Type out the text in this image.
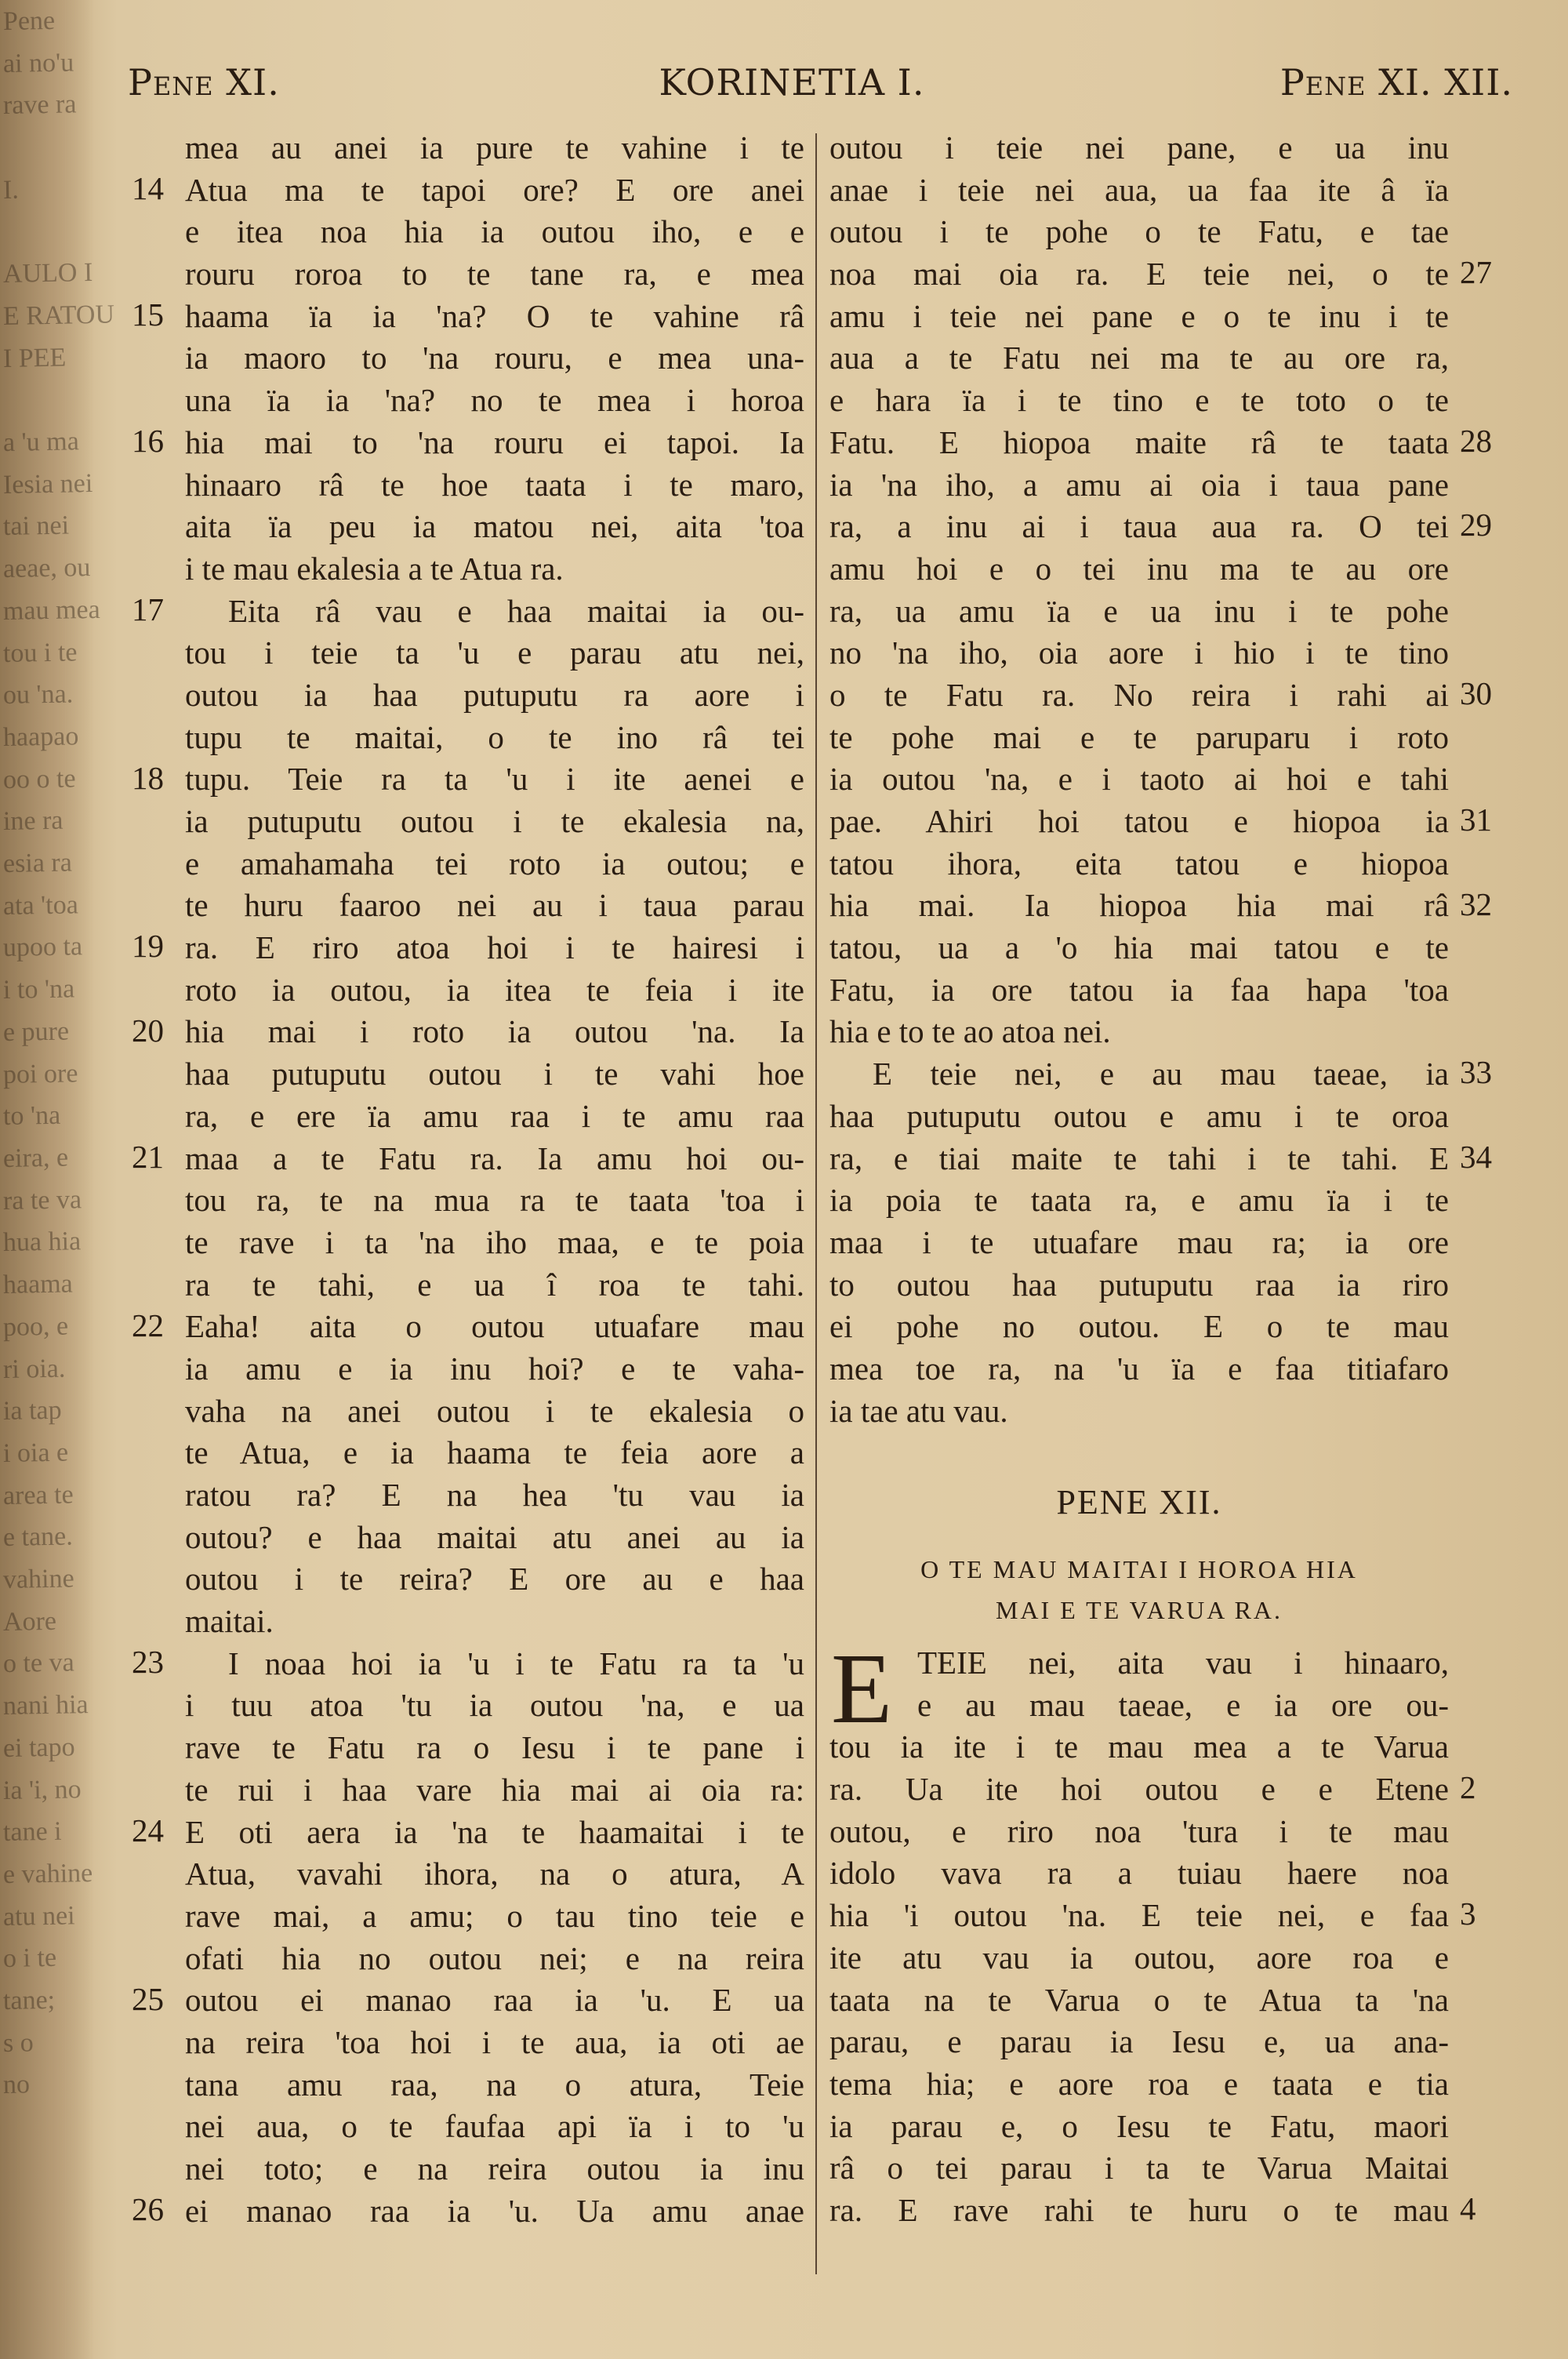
Pene
ai no'u
rave ra

I.

AULO I
E RATOU
I PEE

a 'u ma
Iesia nei
tai nei
aeae, ou
mau mea
tou i te
ou 'na.
haapao
oo o te
ine ra
esia ra
ata 'toa
upoo ta
i to 'na
e pure
poi ore
to 'na
eira, e
ra te va
hua hia
haama
poo, e
ri oia.
ia tap
i oia e
area te
e tane.
vahine
Aore
o te va
nani hia
ei tapo
ia 'i, no
tane i
e vahine
atu nei
o i te
tane;
s o
no
Pene XI.	KORINETIA I.	Pene XI. XII.
mea au anei ia pure te vahine i te
Atua ma te tapoi ore? E ore anei
e itea noa hia ia outou iho, e e
rouru roroa to te tane ra, e mea
haama ïa ia 'na? O te vahine râ
ia maoro to 'na rouru, e mea una-
una ïa ia 'na? no te mea i horoa
hia mai to 'na rouru ei tapoi. Ia
hinaaro râ te hoe taata i te maro,
aita ïa peu ia matou nei, aita 'toa
i te mau ekalesia a te Atua ra.
Eita râ vau e haa maitai ia ou-
tou i teie ta 'u e parau atu nei,
outou ia haa putuputu ra aore i
tupu te maitai, o te ino râ tei
tupu. Teie ra ta 'u i ite aenei e
ia putuputu outou i te ekalesia na,
e amahamaha tei roto ia outou; e
te huru faaroo nei au i taua parau
ra. E riro atoa hoi i te hairesi i
roto ia outou, ia itea te feia i ite
hia mai i roto ia outou 'na. Ia
haa putuputu outou i te vahi hoe
ra, e ere ïa amu raa i te amu raa
maa a te Fatu ra. Ia amu hoi ou-
tou ra, te na mua ra te taata 'toa i
te rave i ta 'na iho maa, e te poia
ra te tahi, e ua î roa te tahi.
Eaha! aita o outou utuafare mau
ia amu e ia inu hoi? e te vaha-
vaha na anei outou i te ekalesia o
te Atua, e ia haama te feia aore a
ratou ra? E na hea 'tu vau ia
outou? e haa maitai atu anei au ia
outou i te reira? E ore au e haa
maitai.
I noaa hoi ia 'u i te Fatu ra ta 'u
i tuu atoa 'tu ia outou 'na, e ua
rave te Fatu ra o Iesu i te pane i
te rui i haa vare hia mai ai oia ra:
E oti aera ia 'na te haamaitai i te
Atua, vavahi ihora, na o atura, A
rave mai, a amu; o tau tino teie e
ofati hia no outou nei; e na reira
outou ei manao raa ia 'u. E ua
na reira 'toa hoi i te aua, ia oti ae
tana amu raa, na o atura, Teie
nei aua, o te faufaa api ïa i to 'u
nei toto; e na reira outou ia inu
ei manao raa ia 'u. Ua amu anae
outou i teie nei pane, e ua inu
anae i teie nei aua, ua faa ite â ïa
outou i te pohe o te Fatu, e tae
noa mai oia ra. E teie nei, o te
amu i teie nei pane e o te inu i te
aua a te Fatu nei ma te au ore ra,
e hara ïa i te tino e te toto o te
Fatu. E hiopoa maite râ te taata
ia 'na iho, a amu ai oia i taua pane
ra, a inu ai i taua aua ra. O tei
amu hoi e o tei inu ma te au ore
ra, ua amu ïa e ua inu i te pohe
no 'na iho, oia aore i hio i te tino
o te Fatu ra. No reira i rahi ai
te pohe mai e te paruparu i roto
ia outou 'na, e i taoto ai hoi e tahi
pae. Ahiri hoi tatou e hiopoa ia
tatou ihora, eita tatou e hiopoa
hia mai. Ia hiopoa hia mai râ
tatou, ua a 'o hia mai tatou e te
Fatu, ia ore tatou ia faa hapa 'toa
hia e to te ao atoa nei.
E teie nei, e au mau taeae, ia
haa putuputu outou e amu i te oroa
ra, e tiai maite te tahi i te tahi. E
ia poia te taata ra, e amu ïa i te
maa i te utuafare mau ra; ia ore
to outou haa putuputu raa ia riro
ei pohe no outou. E o te mau
mea toe ra, na 'u ïa e faa titiafaro
ia tae atu vau.
PENE XII.
O TE MAU MAITAI I HOROA HIA
MAI E TE VARUA RA.
E TEIE nei, aita vau i hinaaro,
e au mau taeae, e ia ore ou-
tou ia ite i te mau mea a te Varua
ra. Ua ite hoi outou e e Etene
outou, e riro noa 'tura i te mau
idolo vava ra a tuiau haere noa
hia 'i outou 'na. E teie nei, e faa
ite atu vau ia outou, aore roa e
taata na te Varua o te Atua ta 'na
parau, e parau ia Iesu e, ua ana-
tema hia; e aore roa e taata e tia
ia parau e, o Iesu te Fatu, maori
râ o tei parau i ta te Varua Maitai
ra. E rave rahi te huru o te mau
14
15
16
17
18
19
20
21
22
23
24
25
26
27
28
29
30
31
32
33
34
2
3
4
